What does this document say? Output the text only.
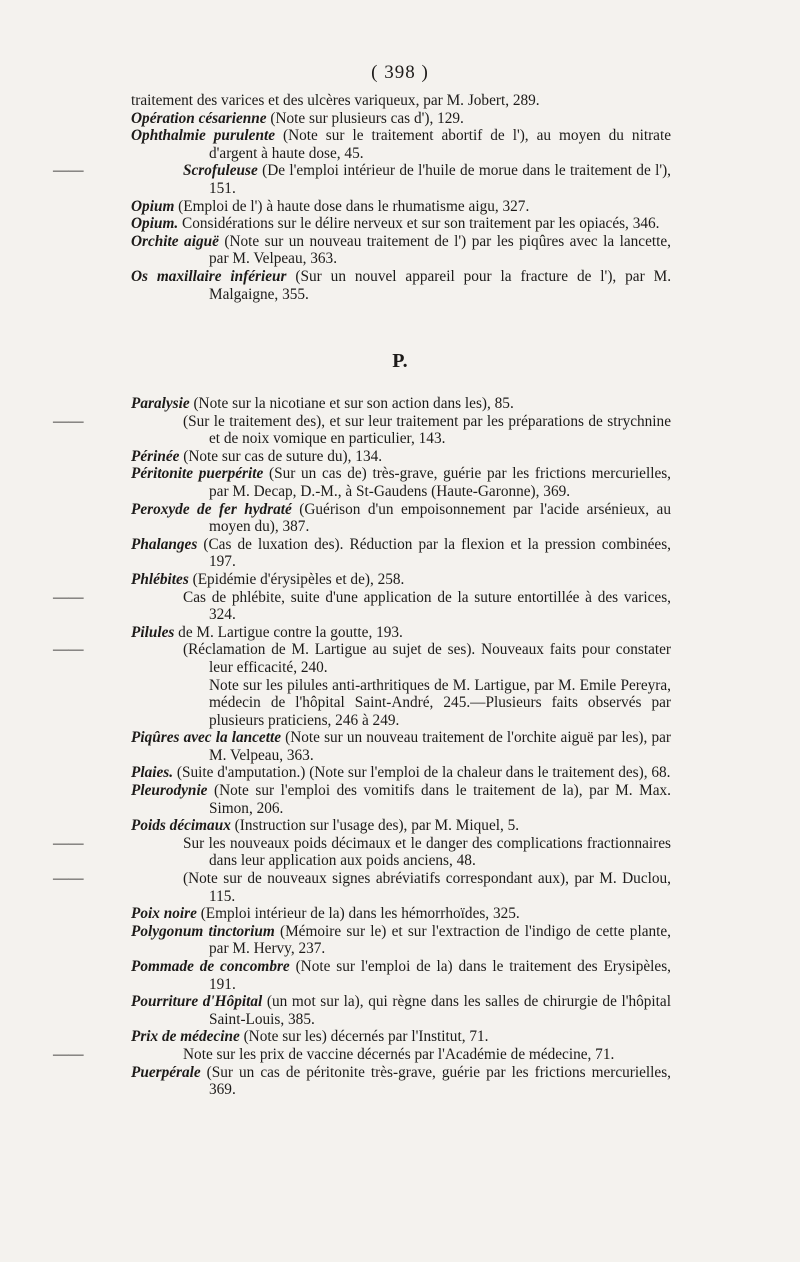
( 398 )
traitement des varices et des ulcères variqueux, par M. Jobert, 289.
Opération césarienne (Note sur plusieurs cas d'), 129.
Ophthalmie purulente (Note sur le traitement abortif de l'), au moyen du nitrate d'argent à haute dose, 45.
——Scrofuleuse (De l'emploi intérieur de l'huile de morue dans le traitement de l'), 151.
Opium (Emploi de l') à haute dose dans le rhumatisme aigu, 327.
Opium. Considérations sur le délire nerveux et sur son traitement par les opiacés, 346.
Orchite aiguë (Note sur un nouveau traitement de l') par les piqûres avec la lancette, par M. Velpeau, 363.
Os maxillaire inférieur (Sur un nouvel appareil pour la fracture de l'), par M. Malgaigne, 355.
P.
Paralysie (Note sur la nicotiane et sur son action dans les), 85.
——(Sur le traitement des), et sur leur traitement par les préparations de strychnine et de noix vomique en particulier, 143.
Périnée (Note sur cas de suture du), 134.
Péritonite puerpérite (Sur un cas de) très-grave, guérie par les frictions mercurielles, par M. Decap, D.-M., à St-Gaudens (Haute-Garonne), 369.
Peroxyde de fer hydraté (Guérison d'un empoisonnement par l'acide arsénieux, au moyen du), 387.
Phalanges (Cas de luxation des). Réduction par la flexion et la pression combinées, 197.
Phlébites (Epidémie d'érysipèles et de), 258.
——Cas de phlébite, suite d'une application de la suture entortillée à des varices, 324.
Pilules de M. Lartigue contre la goutte, 193.
——(Réclamation de M. Lartigue au sujet de ses). Nouveaux faits pour constater leur efficacité, 240.
Note sur les pilules anti-arthritiques de M. Lartigue, par M. Emile Pereyra, médecin de l'hôpital Saint-André, 245.—Plusieurs faits observés par plusieurs praticiens, 246 à 249.
Piqûres avec la lancette (Note sur un nouveau traitement de l'orchite aiguë par les), par M. Velpeau, 363.
Plaies. (Suite d'amputation.) (Note sur l'emploi de la chaleur dans le traitement des), 68.
Pleurodynie (Note sur l'emploi des vomitifs dans le traitement de la), par M. Max. Simon, 206.
Poids décimaux (Instruction sur l'usage des), par M. Miquel, 5.
——Sur les nouveaux poids décimaux et le danger des complications fractionnaires dans leur application aux poids anciens, 48.
——(Note sur de nouveaux signes abréviatifs correspondant aux), par M. Duclou, 115.
Poix noire (Emploi intérieur de la) dans les hémorrhoïdes, 325.
Polygonum tinctorium (Mémoire sur le) et sur l'extraction de l'indigo de cette plante, par M. Hervy, 237.
Pommade de concombre (Note sur l'emploi de la) dans le traitement des Erysipèles, 191.
Pourriture d'Hôpital (un mot sur la), qui règne dans les salles de chirurgie de l'hôpital Saint-Louis, 385.
Prix de médecine (Note sur les) décernés par l'Institut, 71.
——Note sur les prix de vaccine décernés par l'Académie de médecine, 71.
Puerpérale (Sur un cas de péritonite très-grave, guérie par les frictions mercurielles, 369.
